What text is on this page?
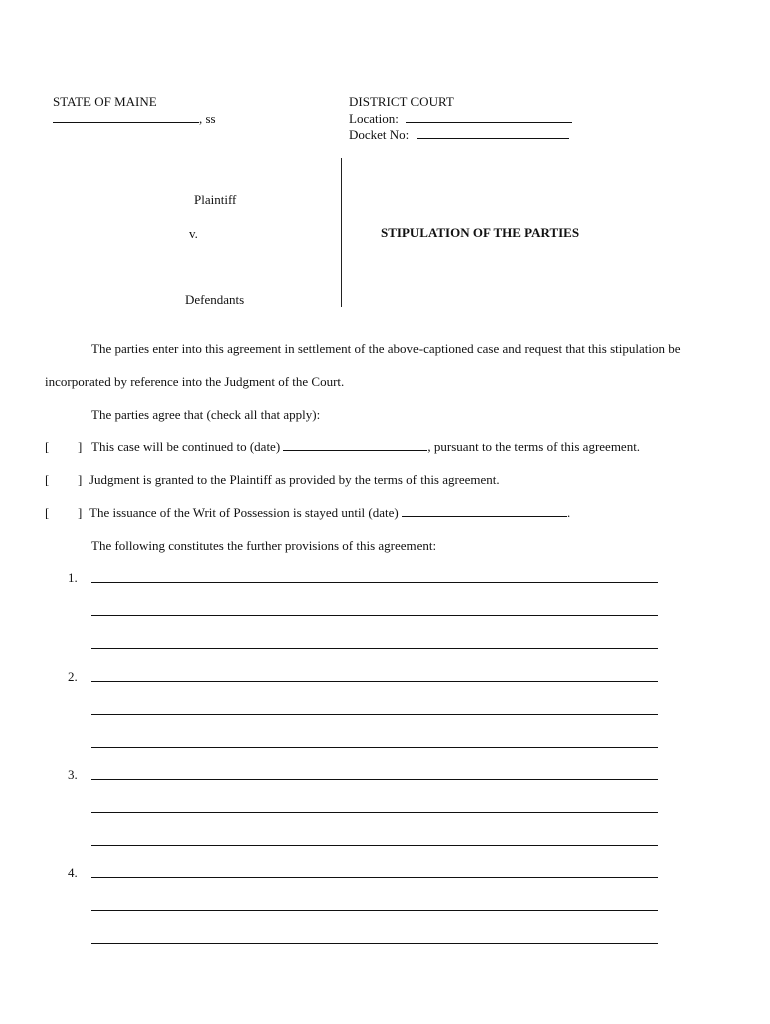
STATE OF MAINE
, ss
DISTRICT COURT
Location:
Docket No:
Plaintiff
v.
Defendants
STIPULATION OF THE PARTIES
The parties enter into this agreement in settlement of the above-captioned case and request that this stipulation be
incorporated by reference into the Judgment of the Court.
The parties agree that (check all that apply):
[ ] This case will be continued to (date)	, pursuant to the terms of this agreement.
[ ] Judgment is granted to the Plaintiff as provided by the terms of this agreement.
[ ] The issuance of the Writ of Possession is stayed until (date)	.
The following constitutes the further provisions of this agreement:
1.
2.
3.
4.
